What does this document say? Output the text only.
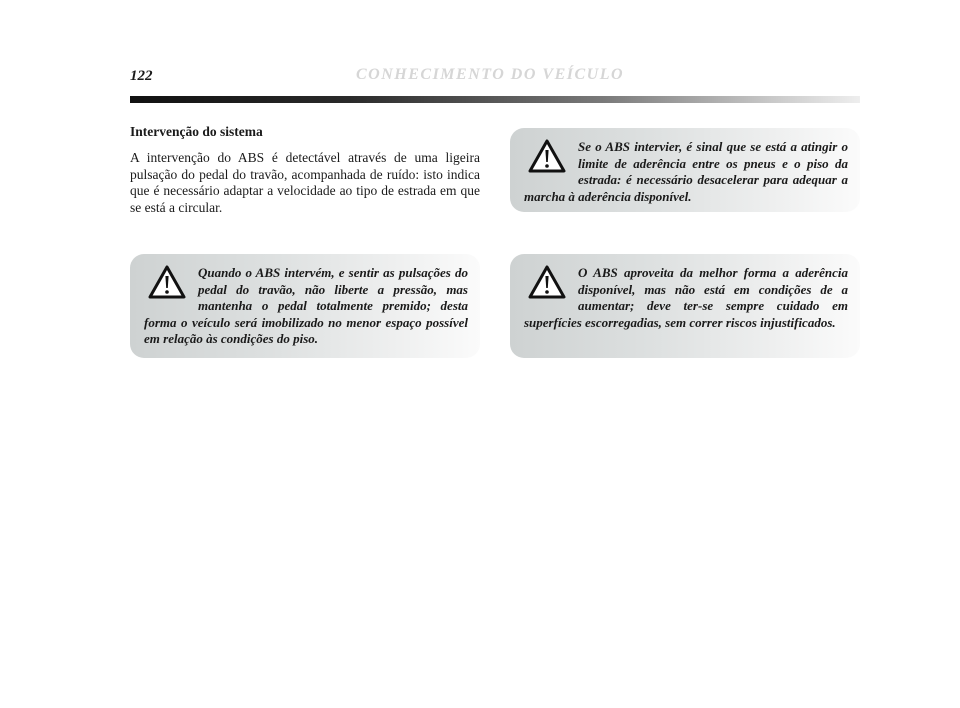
122	CONHECIMENTO DO VEÍCULO
Intervenção do sistema

A intervenção do ABS é detectável através de uma ligeira pulsação do pedal do travão, acompanhada de ruído: isto indica que é necessário adaptar a velocidade ao tipo de estrada em que se está a circular.

Quando o ABS intervém, e sentir as pulsações do pedal do travão, não liberte a pressão, mas mantenha o pedal totalmente premido; desta forma o veículo será imobilizado no menor espaço possível em relação às condições do piso.

Se o ABS intervier, é sinal que se está a atingir o limite de aderência entre os pneus e o piso da estrada: é necessário desacelerar para adequar a marcha à aderência disponível.

O ABS aproveita da melhor forma a aderência disponível, mas não está em condições de a aumentar; deve ter-se sempre cuidado em superfícies escorregadias, sem correr riscos injustificados.
